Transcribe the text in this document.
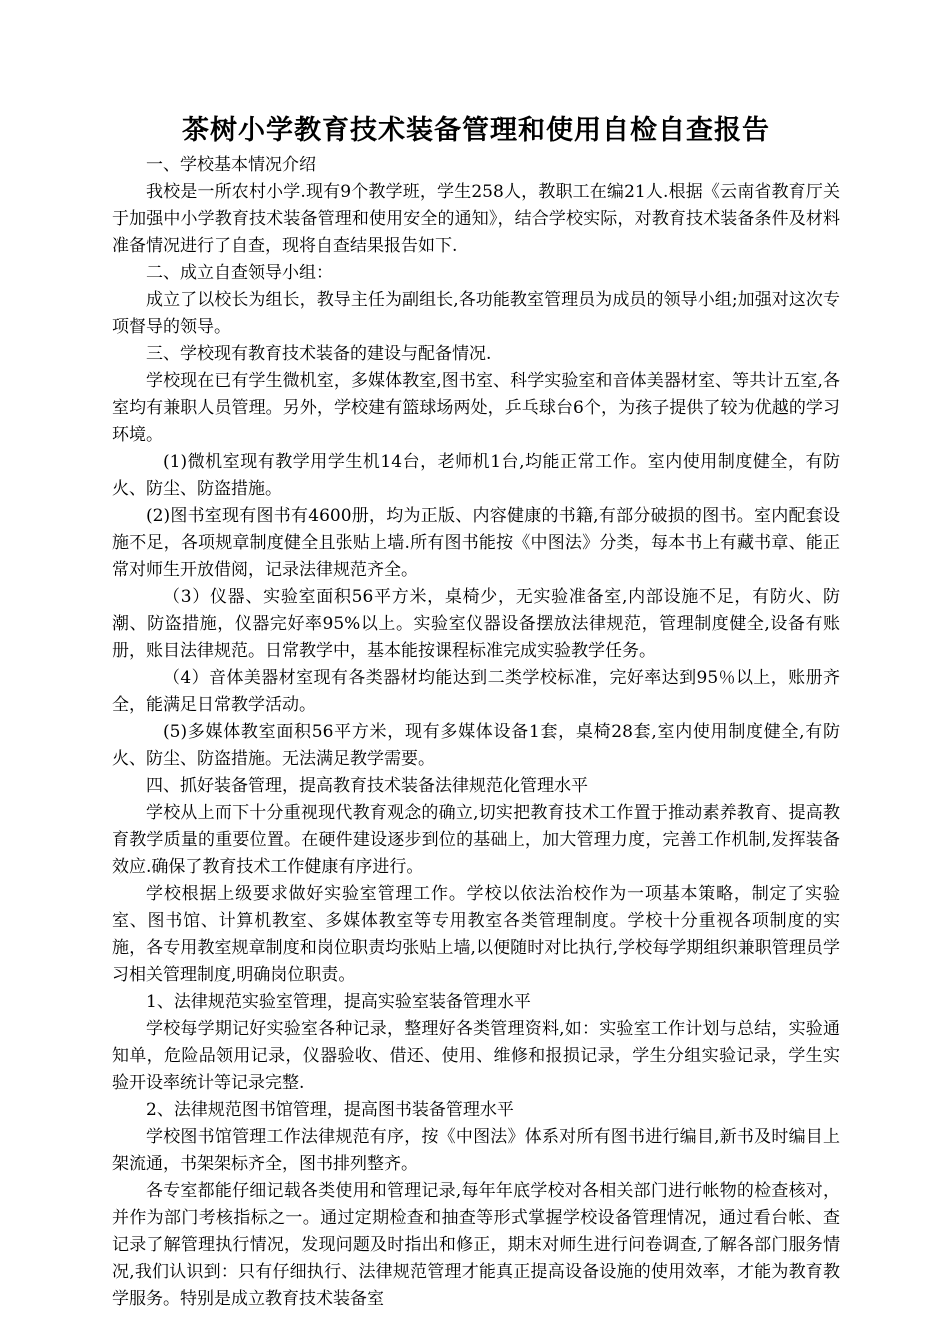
茶树小学教育技术装备管理和使用自检自查报告

一、学校基本情况介绍

我校是一所农村小学.现有9个教学班，学生258人，教职工在编21人.根据《云南省教育厅关于加强中小学教育技术装备管理和使用安全的通知》，结合学校实际，对教育技术装备条件及材料准备情况进行了自查，现将自查结果报告如下.

二、成立自查领导小组：

成立了以校长为组长，教导主任为副组长,各功能教室管理员为成员的领导小组;加强对这次专项督导的领导。

三、学校现有教育技术装备的建设与配备情况.

学校现在已有学生微机室，多媒体教室,图书室、科学实验室和音体美器材室、等共计五室,各室均有兼职人员管理。另外，学校建有篮球场两处，乒乓球台6个，为孩子提供了较为优越的学习环境。

(1)微机室现有教学用学生机14台，老师机1台,均能正常工作。室内使用制度健全，有防火、防尘、防盗措施。

(2)图书室现有图书有4600册，均为正版、内容健康的书籍,有部分破损的图书。室内配套设施不足，各项规章制度健全且张贴上墙.所有图书能按《中图法》分类，每本书上有藏书章、能正常对师生开放借阅，记录法律规范齐全。

（3）仪器、实验室面积56平方米，桌椅少，无实验准备室,内部设施不足，有防火、防潮、防盗措施，仪器完好率95%以上。实验室仪器设备摆放法律规范，管理制度健全,设备有账册，账目法律规范。日常教学中，基本能按课程标准完成实验教学任务。

（4）音体美器材室现有各类器材均能达到二类学校标准，完好率达到95％以上，账册齐全，能满足日常教学活动。

(5)多媒体教室面积56平方米，现有多媒体设备1套，桌椅28套,室内使用制度健全,有防火、防尘、防盗措施。无法满足教学需要。

四、抓好装备管理，提高教育技术装备法律规范化管理水平

学校从上而下十分重视现代教育观念的确立,切实把教育技术工作置于推动素养教育、提高教育教学质量的重要位置。在硬件建设逐步到位的基础上，加大管理力度，完善工作机制,发挥装备效应.确保了教育技术工作健康有序进行。

学校根据上级要求做好实验室管理工作。学校以依法治校作为一项基本策略，制定了实验室、图书馆、计算机教室、多媒体教室等专用教室各类管理制度。学校十分重视各项制度的实施，各专用教室规章制度和岗位职责均张贴上墙,以便随时对比执行,学校每学期组织兼职管理员学习相关管理制度,明确岗位职责。

1、法律规范实验室管理，提高实验室装备管理水平

学校每学期记好实验室各种记录，整理好各类管理资料,如：实验室工作计划与总结，实验通知单，危险品领用记录，仪器验收、借还、使用、维修和报损记录，学生分组实验记录，学生实验开设率统计等记录完整.

2、法律规范图书馆管理，提高图书装备管理水平

学校图书馆管理工作法律规范有序，按《中图法》体系对所有图书进行编目,新书及时编目上架流通，书架架标齐全，图书排列整齐。

各专室都能仔细记载各类使用和管理记录,每年年底学校对各相关部门进行帐物的检查核对，并作为部门考核指标之一。通过定期检查和抽查等形式掌握学校设备管理情况，通过看台帐、查记录了解管理执行情况，发现问题及时指出和修正，期末对师生进行问卷调查,了解各部门服务情况,我们认识到：只有仔细执行、法律规范管理才能真正提高设备设施的使用效率，才能为教育教学服务。特别是成立教育技术装备室
